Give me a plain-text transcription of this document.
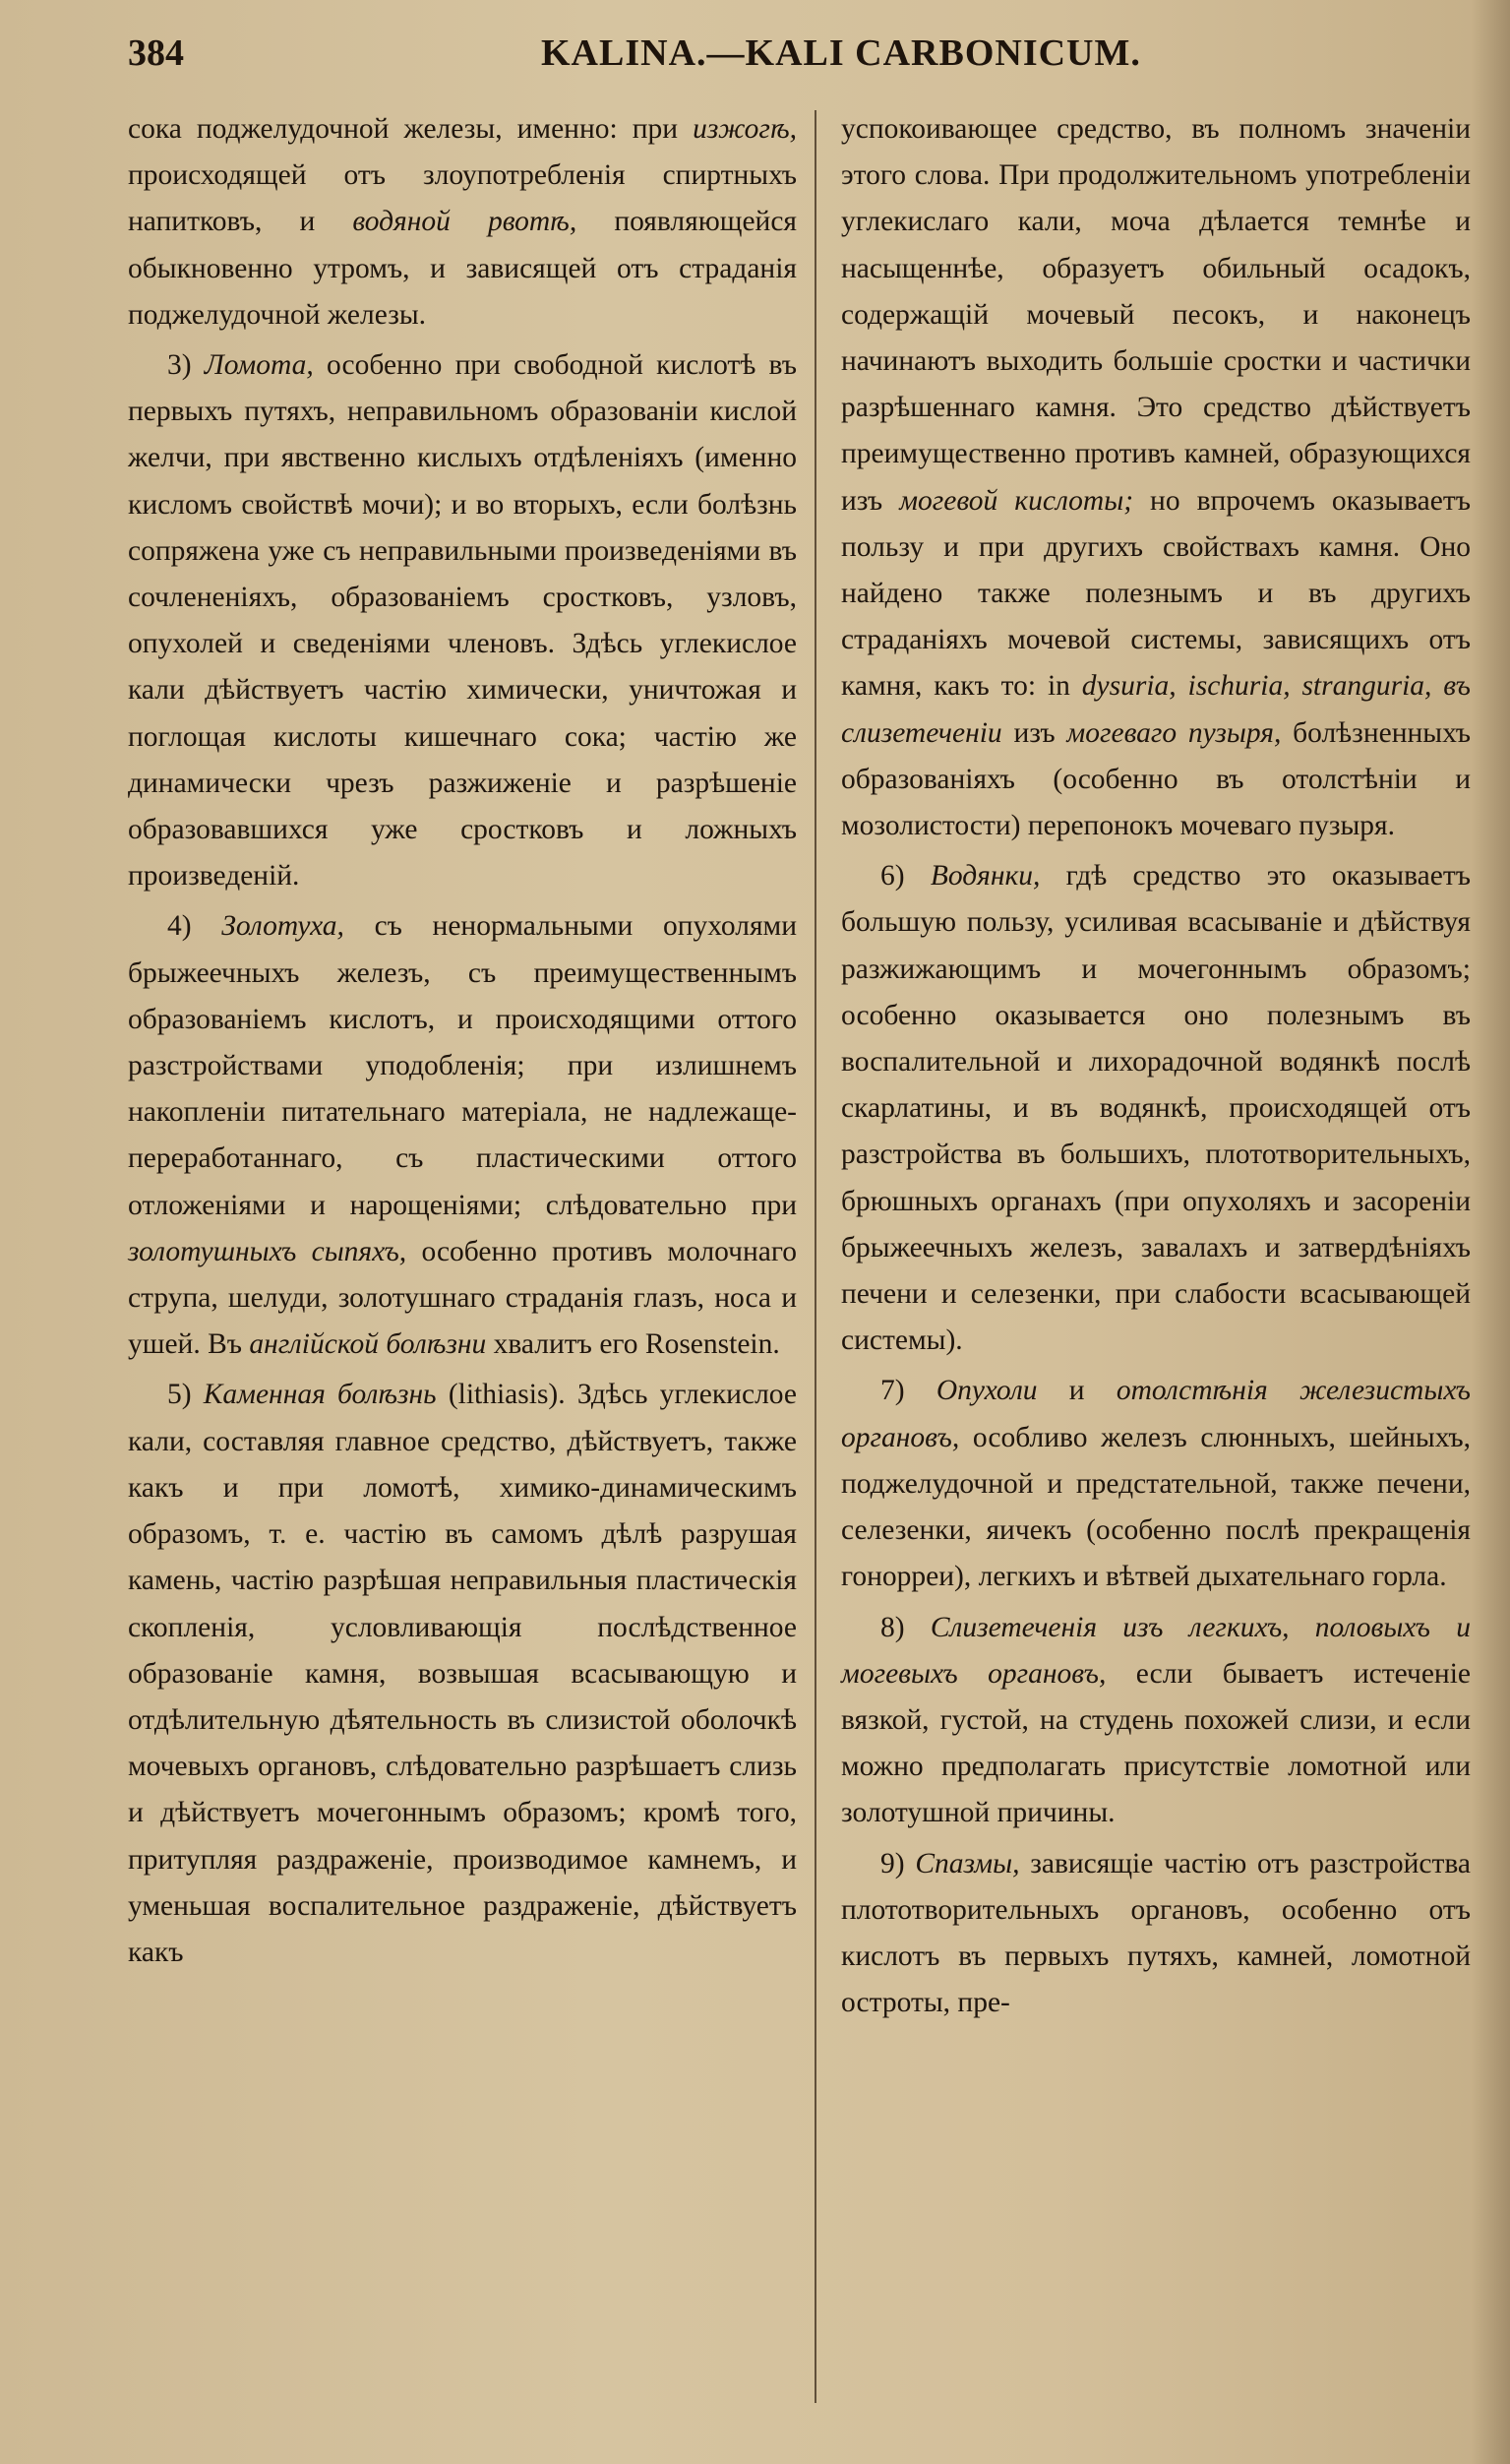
384	KALINA.—KALI CARBONICUM.

сока поджелудочной железы, именно: при изжогѣ, происходящей отъ злоупотребленія спиртныхъ напитковъ, и водяной рвотѣ, появляющейся обыкновенно утромъ, и зависящей отъ страданія поджелудочной железы.

3) Ломота, особенно при свободной кислотѣ въ первыхъ путяхъ, неправильномъ образованіи кислой желчи, при явственно кислыхъ отдѣленіяхъ (именно кисломъ свойствѣ мочи); и во вторыхъ, если болѣзнь сопряжена уже съ неправильными произведеніями въ сочлененіяхъ, образованіемъ сростковъ, узловъ, опухолей и сведеніями членовъ. Здѣсь углекислое кали дѣйствуетъ частію химически, уничтожая и поглощая кислоты кишечнаго сока; частію же динамически чрезъ разжиженіе и разрѣшеніе образовавшихся уже сростковъ и ложныхъ произведеній.

4) Золотуха, съ ненормальными опухолями брыжеечныхъ железъ, съ преимущественнымъ образованіемъ кислотъ, и происходящими оттого разстройствами уподобленія; при излишнемъ накопленіи питательнаго матеріала, не надлежаще-переработаннаго, съ пластическими оттого отложеніями и нарощеніями; слѣдовательно при золотушныхъ сыпяхъ, особенно противъ молочнаго струпа, шелуди, золотушнаго страданія глазъ, носа и ушей. Въ англійской болѣзни хвалитъ его Rosenstein.

5) Каменная болѣзнь (lithiasis). Здѣсь углекислое кали, составляя главное средство, дѣйствуетъ, также какъ и при ломотѣ, химико-динамическимъ образомъ, т. е. частію въ самомъ дѣлѣ разрушая камень, частію разрѣшая неправильныя пластическія скопленія, условливающія послѣдственное образованіе камня, возвышая всасывающую и отдѣлительную дѣятельность въ слизистой оболочкѣ мочевыхъ органовъ, слѣдовательно разрѣшаетъ слизь и дѣйствуетъ мочегоннымъ образомъ; кромѣ того, притупляя раздраженіе, производимое камнемъ, и уменьшая воспалительное раздраженіе, дѣйствуетъ какъ

успокоивающее средство, въ полномъ значеніи этого слова. При продолжительномъ употребленіи углекислаго кали, моча дѣлается темнѣе и насыщеннѣе, образуетъ обильный осадокъ, содержащій мочевый песокъ, и наконецъ начинаютъ выходить большіе сростки и частички разрѣшеннаго камня. Это средство дѣйствуетъ преимущественно противъ камней, образующихся изъ могевой кислоты; но впрочемъ оказываетъ пользу и при другихъ свойствахъ камня. Оно найдено также полезнымъ и въ другихъ страданіяхъ мочевой системы, зависящихъ отъ камня, какъ то: in dysuria, ischuria, stranguria, въ слизетеченіи изъ могеваго пузыря, болѣзненныхъ образованіяхъ (особенно въ отолстѣніи и мозолистости) перепонокъ мочеваго пузыря.

6) Водянки, гдѣ средство это оказываетъ большую пользу, усиливая всасываніе и дѣйствуя разжижающимъ и мочегоннымъ образомъ; особенно оказывается оно полезнымъ въ воспалительной и лихорадочной водянкѣ послѣ скарлатины, и въ водянкѣ, происходящей отъ разстройства въ большихъ, плототворительныхъ, брюшныхъ органахъ (при опухоляхъ и засореніи брыжеечныхъ железъ, завалахъ и затвердѣніяхъ печени и селезенки, при слабости всасывающей системы).

7) Опухоли и отолстѣнія железистыхъ органовъ, особливо железъ слюнныхъ, шейныхъ, поджелудочной и предстательной, также печени, селезенки, яичекъ (особенно послѣ прекращенія гонорреи), легкихъ и вѣтвей дыхательнаго горла.

8) Слизетеченія изъ легкихъ, половыхъ и могевыхъ органовъ, если бываетъ истеченіе вязкой, густой, на студень похожей слизи, и если можно предполагать присутствіе ломотной или золотушной причины.

9) Спазмы, зависящіе частію отъ разстройства плототворительныхъ органовъ, особенно отъ кислотъ въ первыхъ путяхъ, камней, ломотной остроты, пре-
